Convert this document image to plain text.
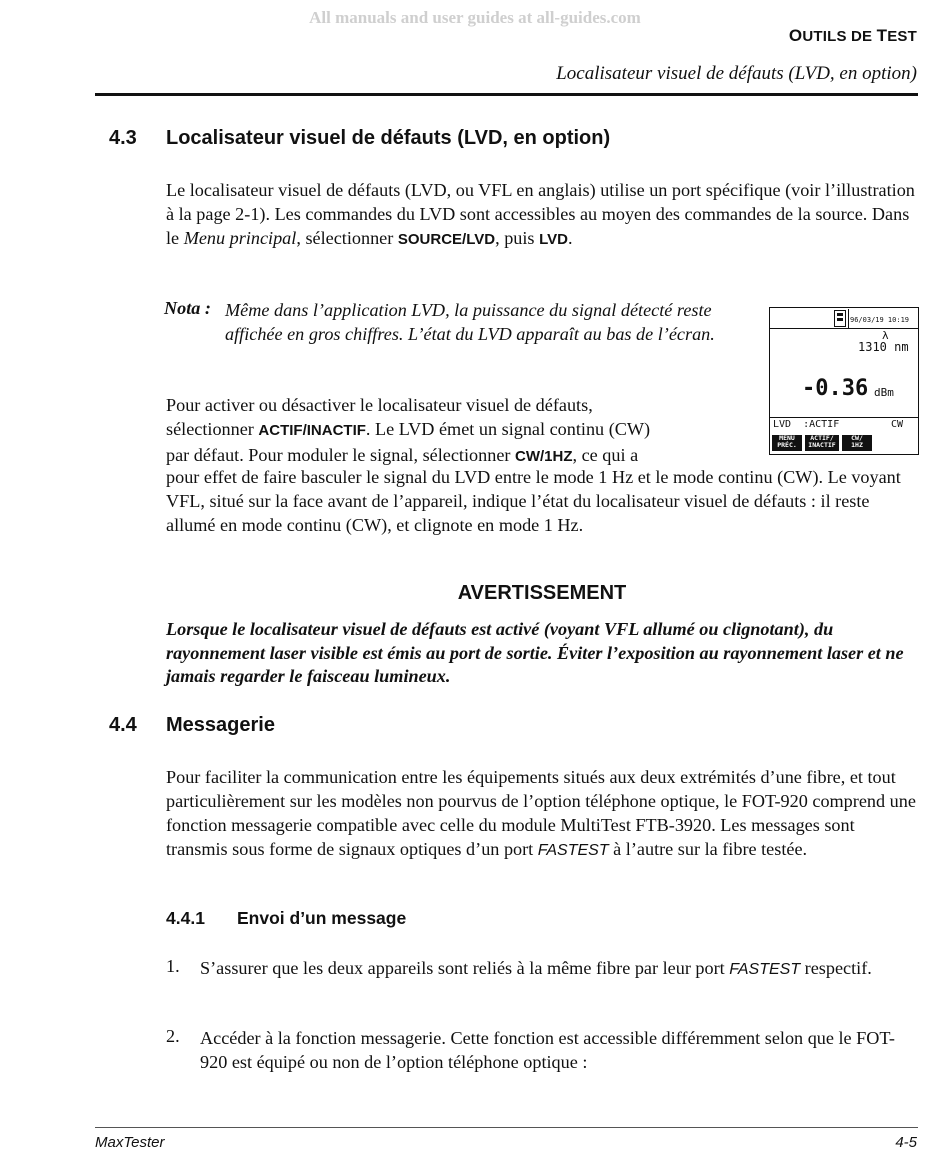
All manuals and user guides at all-guides.com
OUTILS DE TEST
Localisateur visuel de défauts (LVD, en option)
4.3 Localisateur visuel de défauts (LVD, en option)

Le localisateur visuel de défauts (LVD, ou VFL en anglais) utilise un port spécifique (voir l’illustration à la page 2-1). Les commandes du LVD sont accessibles au moyen des commandes de la source. Dans le Menu principal, sélectionner SOURCE/LVD, puis LVD.

Nota : Même dans l’application LVD, la puissance du signal détecté reste affichée en gros chiffres. L’état du LVD apparaît au bas de l’écran.
Pour activer ou désactiver le localisateur visuel de défauts,
sélectionner ACTIF/INACTIF. Le LVD émet un signal continu (CW)
par défaut. Pour moduler le signal, sélectionner CW/1HZ, ce qui a

pour effet de faire basculer le signal du LVD entre le mode 1 Hz et le mode continu (CW). Le voyant VFL, situé sur la face avant de l’appareil, indique l’état du localisateur visuel de défauts : il reste allumé en mode continu (CW), et clignote en mode 1 Hz.

96/03/19 10:19
λ
1310 nm
-0.36 dBm
LVD  :ACTIF	CW
MENU
PRÉC.
ACTIF/
INACTIF
CW/
1HZ
AVERTISSEMENT
Lorsque le localisateur visuel de défauts est activé (voyant VFL allumé ou clignotant), du rayonnement laser visible est émis au port de sortie. Éviter l’exposition au rayonnement laser et ne jamais regarder le faisceau lumineux.
4.4 Messagerie

Pour faciliter la communication entre les équipements situés aux deux extrémités d’une fibre, et tout particulièrement sur les modèles non pourvus de l’option téléphone optique, le FOT-920 comprend une fonction messagerie compatible avec celle du module MultiTest FTB-3920. Les messages sont transmis sous forme de signaux optiques d’un port FASTEST à l’autre sur la fibre testée.

4.4.1 Envoi d’un message
1. S’assurer que les deux appareils sont reliés à la même fibre par leur port FASTEST respectif.
2. Accéder à la fonction messagerie. Cette fonction est accessible différemment selon que le FOT-920 est équipé ou non de l’option téléphone optique :
MaxTester	4-5
